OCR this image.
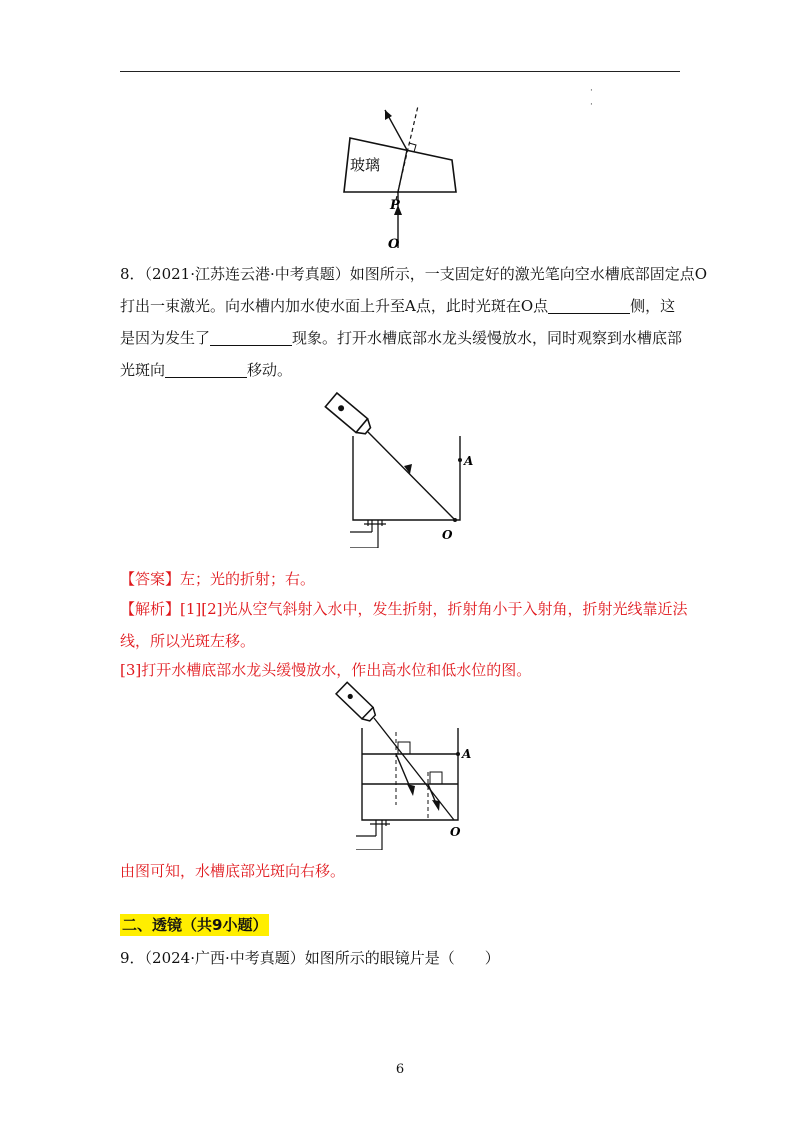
·
·
玻璃
P
O
8．（2021·江苏连云港·中考真题）如图所示，一支固定好的激光笔向空水槽底部固定点O
打出一束激光。向水槽内加水使水面上升至A点，此时光斑在O点	侧，这
是因为发生了	现象。打开水槽底部水龙头缓慢放水，同时观察到水槽底部
光斑向	移动。
A
O
【答案】左；光的折射；右。
【解析】[1][2]光从空气斜射入水中，发生折射，折射角小于入射角，折射光线靠近法
线，所以光斑左移。
[3]打开水槽底部水龙头缓慢放水，作出高水位和低水位的图。
A
O
由图可知，水槽底部光斑向右移。
二、透镜（共9小题）
9．（2024·广西·中考真题）如图所示的眼镜片是（　　）
6
